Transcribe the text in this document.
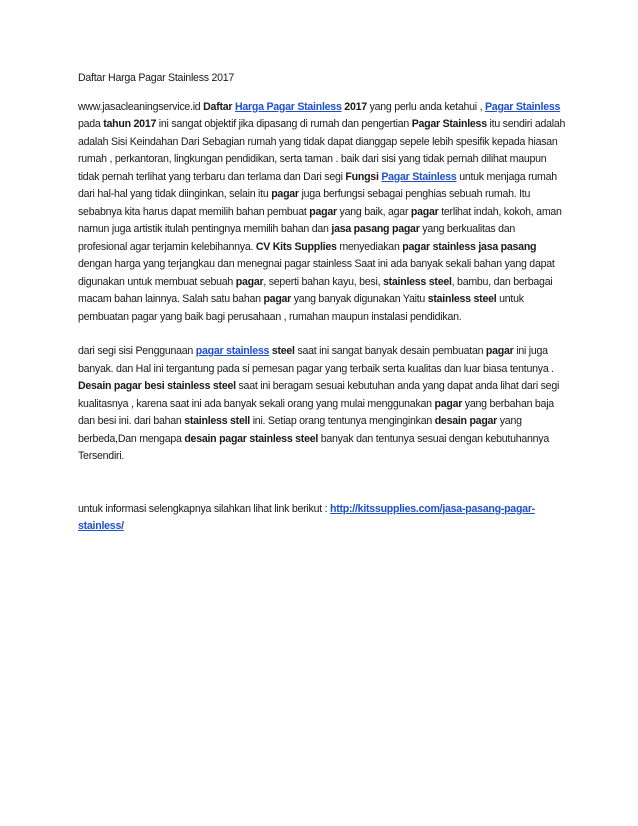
Daftar Harga Pagar Stainless 2017

www.jasacleaningservice.id Daftar Harga Pagar Stainless 2017 yang perlu anda ketahui , Pagar Stainless pada tahun 2017 ini sangat objektif jika dipasang di rumah dan pengertian Pagar Stainless itu sendiri adalah adalah Sisi Keindahan Dari Sebagian rumah yang tidak dapat dianggap sepele lebih spesifik kepada hiasan rumah , perkantoran, lingkungan pendidikan, serta taman . baik dari sisi yang tidak pernah dilihat maupun tidak pernah terlihat yang terbaru dan terlama dan Dari segi Fungsi Pagar Stainless untuk menjaga rumah dari hal-hal yang tidak diinginkan, selain itu pagar juga berfungsi sebagai penghias sebuah rumah. Itu sebabnya kita harus dapat memilih bahan pembuat pagar yang baik, agar pagar terlihat indah, kokoh, aman namun juga artistik itulah pentingnya memilih bahan dan jasa pasang pagar yang berkualitas dan profesional agar terjamin kelebihannya. CV Kits Supplies menyediakan pagar stainless jasa pasang dengan harga yang terjangkau dan menegnai pagar stainless Saat ini ada banyak sekali bahan yang dapat digunakan untuk membuat sebuah pagar, seperti bahan kayu, besi, stainless steel, bambu, dan berbagai macam bahan lainnya. Salah satu bahan pagar yang banyak digunakan Yaitu stainless steel untuk pembuatan pagar yang baik bagi perusahaan , rumahan maupun instalasi pendidikan.

dari segi sisi Penggunaan pagar stainless steel saat ini sangat banyak desain pembuatan pagar ini juga banyak. dan Hal ini tergantung pada si pemesan pagar yang terbaik serta kualitas dan luar biasa tentunya . Desain pagar besi stainless steel saat ini beragam sesuai kebutuhan anda yang dapat anda lihat dari segi kualitasnya , karena saat ini ada banyak sekali orang yang mulai menggunakan pagar yang berbahan baja dan besi ini. dari bahan stainless stell ini. Setiap orang tentunya menginginkan desain pagar yang berbeda,Dan mengapa desain pagar stainless steel banyak dan tentunya sesuai dengan kebutuhannya Tersendiri.

untuk informasi selengkapnya silahkan lihat link berikut : http://kitssupplies.com/jasa-pasang-pagar-stainless/
